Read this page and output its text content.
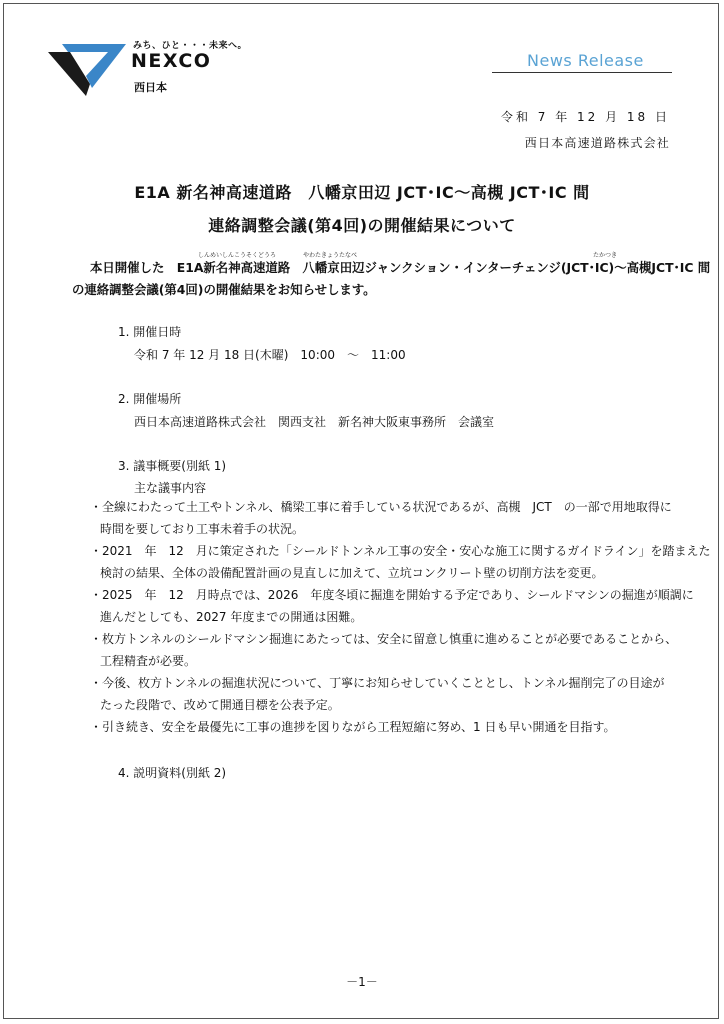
みち、ひと・・・未来へ。
NEXCO
西日本
News Release
令和 7 年 12 月 18 日
西日本高速道路株式会社
E1A 新名神高速道路　八幡京田辺 JCT･IC～高槻 JCT･IC 間
連絡調整会議(第4回)の開催結果について
しんめいしんこうそくどうろ	やわたきょうたなべ	たかつき
本日開催した　E1A新名神高速道路　八幡京田辺ジャンクション・インターチェンジ(JCT･IC)～高槻JCT･IC 間
の連絡調整会議(第4回)の開催結果をお知らせします。
1. 開催日時
令和 7 年 12 月 18 日(木曜)　10:00　～　11:00
2. 開催場所
西日本高速道路株式会社　関西支社　新名神大阪東事務所　会議室
3. 議事概要(別紙 1)
主な議事内容
・全線にわたって土工やトンネル、橋梁工事に着手している状況であるが、高槻　JCT　の一部で用地取得に
時間を要しており工事未着手の状況。
・2021　年　12　月に策定された「シールドトンネル工事の安全・安心な施工に関するガイドライン」を踏まえた
検討の結果、全体の設備配置計画の見直しに加えて、立坑コンクリート壁の切削方法を変更。
・2025　年　12　月時点では、2026　年度冬頃に掘進を開始する予定であり、シールドマシンの掘進が順調に
進んだとしても、2027 年度までの開通は困難。
・枚方トンネルのシールドマシン掘進にあたっては、安全に留意し慎重に進めることが必要であることから、
工程精査が必要。
・今後、枚方トンネルの掘進状況について、丁寧にお知らせしていくこととし、トンネル掘削完了の目途が
たった段階で、改めて開通目標を公表予定。
・引き続き、安全を最優先に工事の進捗を図りながら工程短縮に努め、1 日も早い開通を目指す。
4. 説明資料(別紙 2)
－1－
